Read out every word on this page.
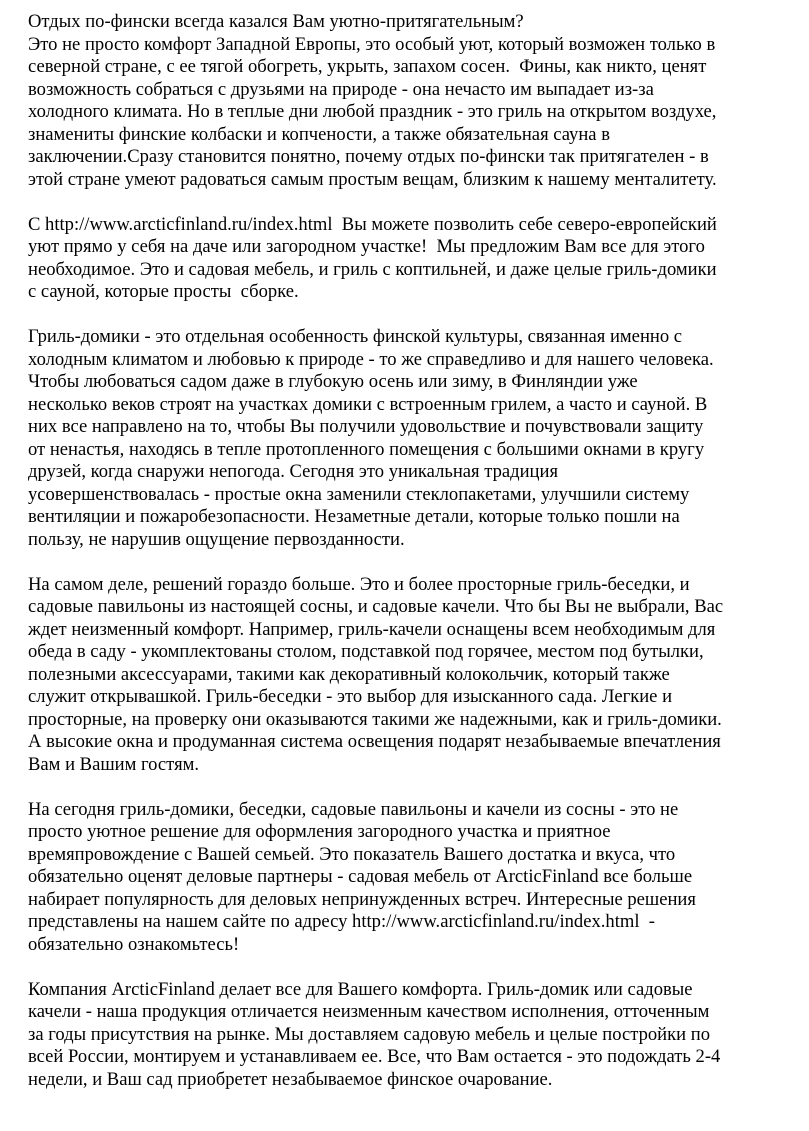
Отдых по-фински всегда казался Вам уютно-притягательным?
Это не просто комфорт Западной Европы, это особый уют, который возможен только в
северной стране, с ее тягой обогреть, укрыть, запахом сосен.  Фины, как никто, ценят
возможность собраться с друзьями на природе - она нечасто им выпадает из-за
холодного климата. Но в теплые дни любой праздник - это гриль на открытом воздухе,
знамениты финские колбаски и копчености, а также обязательная сауна в
заключении.Сразу становится понятно, почему отдых по-фински так притягателен - в
этой стране умеют радоваться самым простым вещам, близким к нашему менталитету.
С http://www.arcticfinland.ru/index.html  Вы можете позволить себе северо-европейский
уют прямо у себя на даче или загородном участке!  Мы предложим Вам все для этого
необходимое. Это и садовая мебель, и гриль с коптильней, и даже целые гриль-домики
с сауной, которые просты  сборке.
Гриль-домики - это отдельная особенность финской культуры, связанная именно с
холодным климатом и любовью к природе - то же справедливо и для нашего человека.
Чтобы любоваться садом даже в глубокую осень или зиму, в Финляндии уже
несколько веков строят на участках домики с встроенным грилем, а часто и сауной. В
них все направлено на то, чтобы Вы получили удовольствие и почувствовали защиту
от ненастья, находясь в тепле протопленного помещения с большими окнами в кругу
друзей, когда снаружи непогода. Сегодня это уникальная традиция
усовершенствовалась - простые окна заменили стеклопакетами, улучшили систему
вентиляции и пожаробезопасности. Незаметные детали, которые только пошли на
пользу, не нарушив ощущение первозданности.
На самом деле, решений гораздо больше. Это и более просторные гриль-беседки, и
садовые павильоны из настоящей сосны, и садовые качели. Что бы Вы не выбрали, Вас
ждет неизменный комфорт. Например, гриль-качели оснащены всем необходимым для
обеда в саду - укомплектованы столом, подставкой под горячее, местом под бутылки,
полезными аксессуарами, такими как декоративный колокольчик, который также
служит открывашкой. Гриль-беседки - это выбор для изысканного сада. Легкие и
просторные, на проверку они оказываются такими же надежными, как и гриль-домики.
А высокие окна и продуманная система освещения подарят незабываемые впечатления
Вам и Вашим гостям.
На сегодня гриль-домики, беседки, садовые павильоны и качели из сосны - это не
просто уютное решение для оформления загородного участка и приятное
времяпровождение с Вашей семьей. Это показатель Вашего достатка и вкуса, что
обязательно оценят деловые партнеры - садовая мебель от ArcticFinland все больше
набирает популярность для деловых непринужденных встреч. Интересные решения
представлены на нашем сайте по адресу http://www.arcticfinland.ru/index.html  -
обязательно ознакомьтесь!
Компания ArcticFinland делает все для Вашего комфорта. Гриль-домик или садовые
качели - наша продукция отличается неизменным качеством исполнения, отточенным
за годы присутствия на рынке. Мы доставляем садовую мебель и целые постройки по
всей России, монтируем и устанавливаем ее. Все, что Вам остается - это подождать 2-4
недели, и Ваш сад приобретет незабываемое финское очарование.
